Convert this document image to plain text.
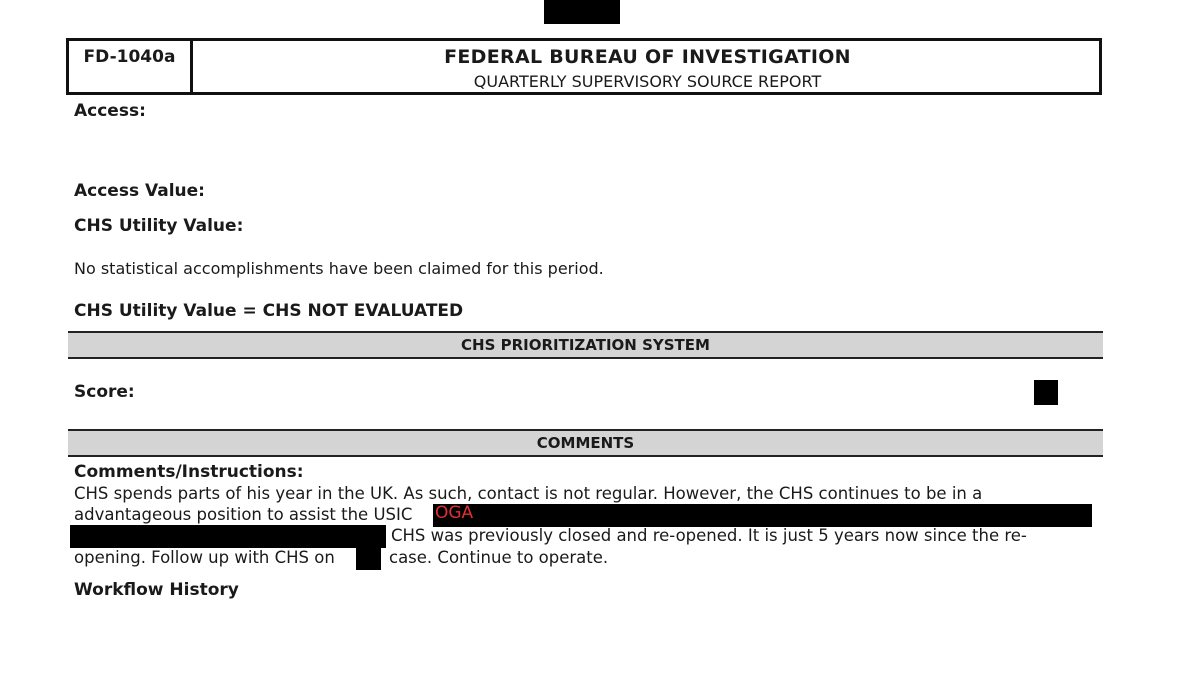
FD-1040a	FEDERAL BUREAU OF INVESTIGATION
QUARTERLY SUPERVISORY SOURCE REPORT
Access:
Access Value:
CHS Utility Value:
No statistical accomplishments have been claimed for this period.
CHS Utility Value = CHS NOT EVALUATED
CHS PRIORITIZATION SYSTEM
Score:
COMMENTS
Comments/Instructions:
CHS spends parts of his year in the UK. As such, contact is not regular. However, the CHS continues to be in a
advantageous position to assist the USIC OGA
CHS was previously closed and re-opened. It is just 5 years now since the re-
opening. Follow up with CHS on	case. Continue to operate.
Workflow History
